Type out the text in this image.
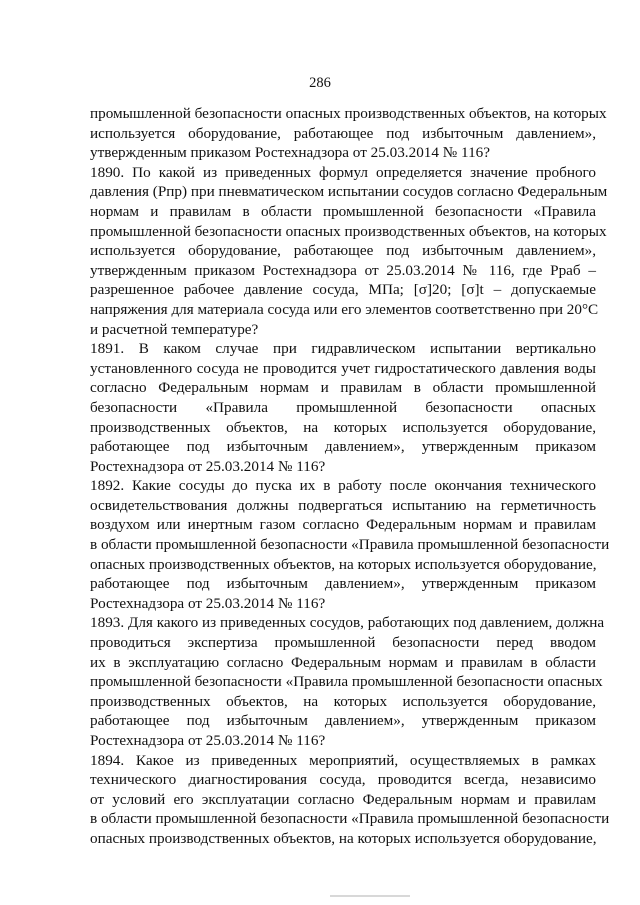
286
промышленной безопасности опасных производственных объектов, на которых
используется оборудование, работающее под избыточным давлением»,
утвержденным приказом Ростехнадзора от 25.03.2014 № 116?
1890. По какой из приведенных формул определяется значение пробного
давления (Рпр) при пневматическом испытании сосудов согласно Федеральным
нормам и правилам в области промышленной безопасности «Правила
промышленной безопасности опасных производственных объектов, на которых
используется оборудование, работающее под избыточным давлением»,
утвержденным приказом Ростехнадзора от 25.03.2014 № 116, где Рраб –
разрешенное рабочее давление сосуда, МПа; [σ]20; [σ]t – допускаемые
напряжения для материала сосуда или его элементов соответственно при 20°С
и расчетной температуре?
1891. В каком случае при гидравлическом испытании вертикально
установленного сосуда не проводится учет гидростатического давления воды
согласно Федеральным нормам и правилам в области промышленной
безопасности «Правила промышленной безопасности опасных
производственных объектов, на которых используется оборудование,
работающее под избыточным давлением», утвержденным приказом
Ростехнадзора от 25.03.2014 № 116?
1892. Какие сосуды до пуска их в работу после окончания технического
освидетельствования должны подвергаться испытанию на герметичность
воздухом или инертным газом согласно Федеральным нормам и правилам
в области промышленной безопасности «Правила промышленной безопасности
опасных производственных объектов, на которых используется оборудование,
работающее под избыточным давлением», утвержденным приказом
Ростехнадзора от 25.03.2014 № 116?
1893. Для какого из приведенных сосудов, работающих под давлением, должна
проводиться экспертиза промышленной безопасности перед вводом
их в эксплуатацию согласно Федеральным нормам и правилам в области
промышленной безопасности «Правила промышленной безопасности опасных
производственных объектов, на которых используется оборудование,
работающее под избыточным давлением», утвержденным приказом
Ростехнадзора от 25.03.2014 № 116?
1894. Какое из приведенных мероприятий, осуществляемых в рамках
технического диагностирования сосуда, проводится всегда, независимо
от условий его эксплуатации согласно Федеральным нормам и правилам
в области промышленной безопасности «Правила промышленной безопасности
опасных производственных объектов, на которых используется оборудование,
